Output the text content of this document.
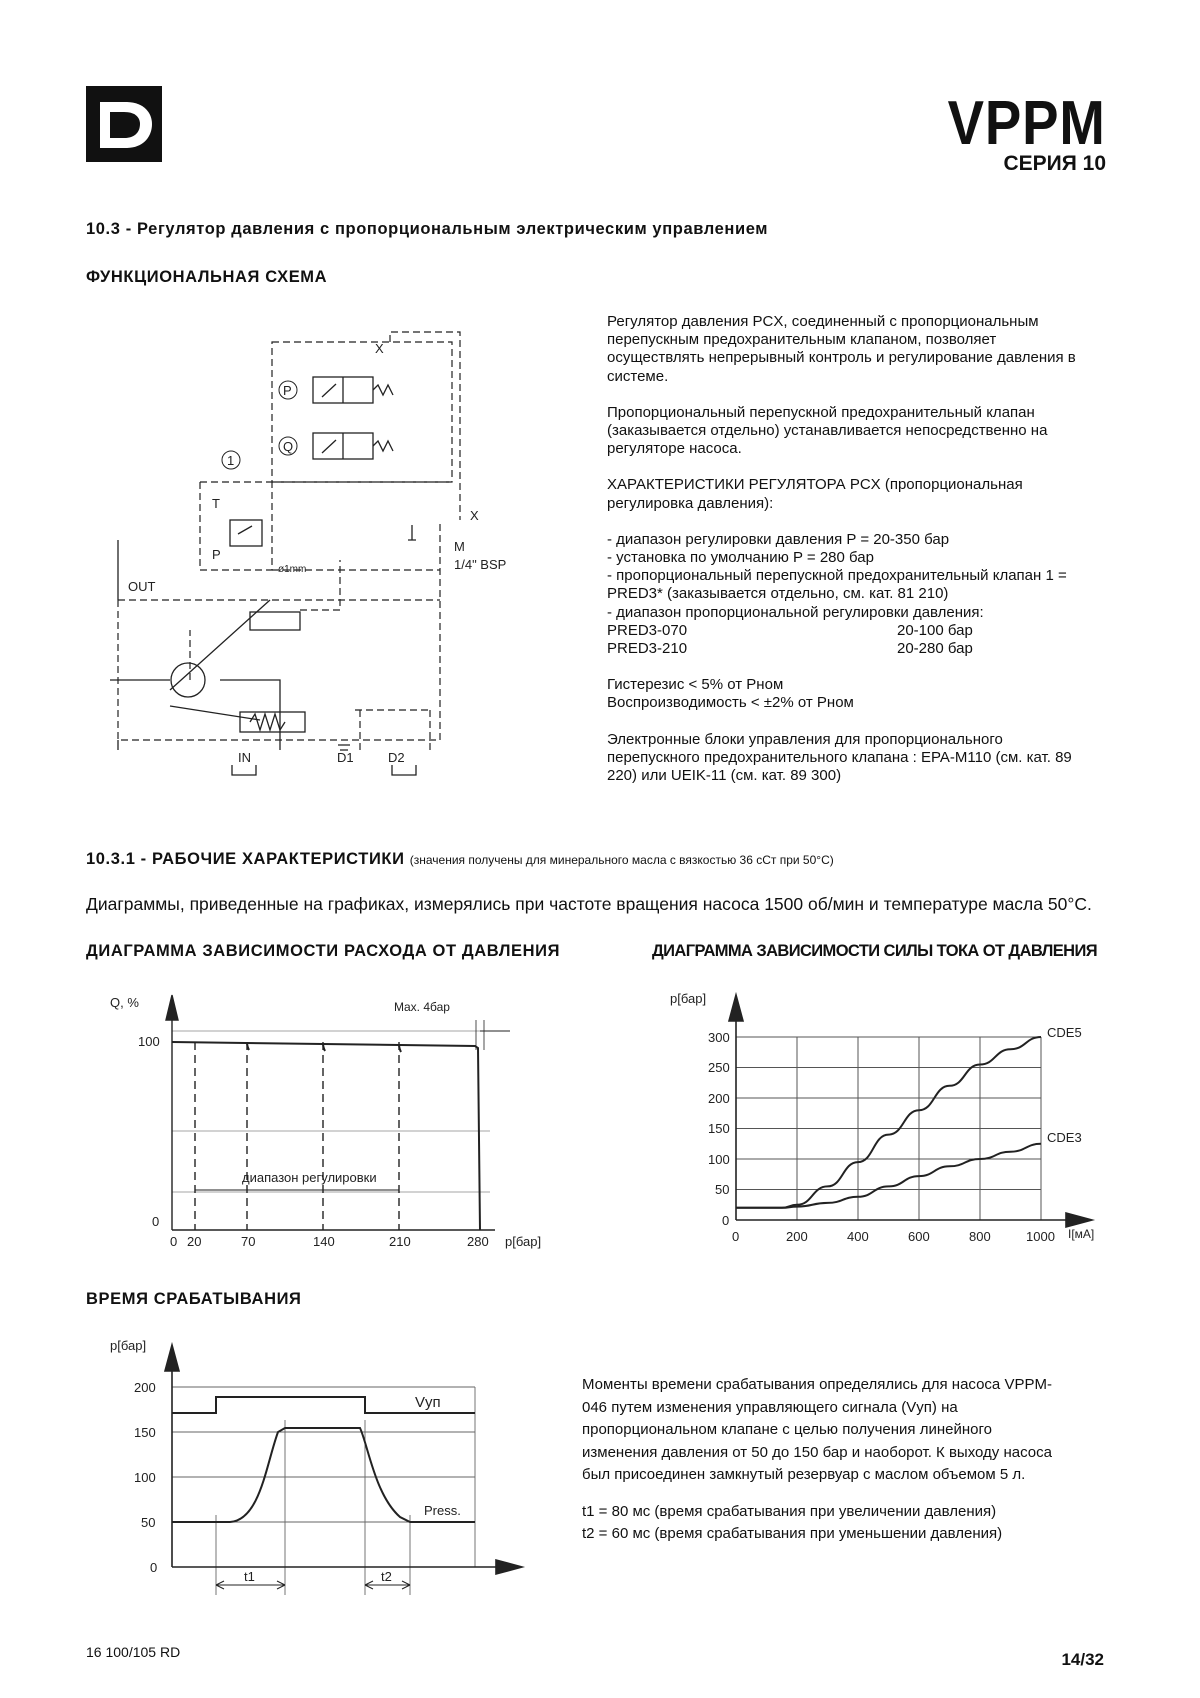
VPPM
СЕРИЯ 10
10.3 - Регулятор давления с пропорциональным электрическим управлением
ФУНКЦИОНАЛЬНАЯ СХЕМА
P
Q
1
X
T
P
X
ø1mm
M
1/4" BSP
OUT
IN	D1	D2

Регулятор давления PCX, соединенный с пропорциональным перепускным предохранительным клапаном, позволяет осуществлять непрерывный контроль и регулирование давления в системе.

Пропорциональный перепускной предохранительный клапан (заказывается отдельно) устанавливается непосредственно на регуляторе насоса.

ХАРАКТЕРИСТИКИ РЕГУЛЯТОРА PCX (пропорциональная регулировка давления):

- диапазон регулировки давления P = 20-350 бар
- установка по умолчанию P = 280 бар
- пропорциональный перепускной предохранительный клапан 1 = PRED3* (заказывается отдельно, см. кат. 81 210)
- диапазон пропорциональной регулировки давления:
PRED3-070	20-100 бар
PRED3-210	20-280 бар

Гистерезис < 5% от Рном

Воспроизводимость < ±2% от Рном

Электронные блоки управления для пропорционального перепускного предохранительного клапана : EPA-M110 (см. кат. 89 220) или UEIK-11 (см. кат. 89 300)

10.3.1 - РАБОЧИЕ ХАРАКТЕРИСТИКИ (значения получены для минерального масла с вязкостью 36 cСт при 50°C)
Диаграммы, приведенные на графиках, измерялись при частоте вращения насоса 1500 об/мин и температуре масла 50°C.
ДИАГРАММА ЗАВИСИМОСТИ РАСХОДА ОТ ДАВЛЕНИЯ	ДИАГРАММА ЗАВИСИМОСТИ СИЛЫ ТОКА ОТ ДАВЛЕНИЯ
Q, %
100
0
0 20	70	140	210	280 p[бар]
Max. 4бар
диапазон регулировки
p[бар]
300
250
200
150
100
50
0
0	200	400	600	800	1000 I[мА]
CDE5
CDE3
ВРЕМЯ СРАБАТЫВАНИЯ
p[бар]
200
150
100
50
0
Vуп
Press.
t1	t2

Моменты времени срабатывания определялись для насоса VPPM-046 путем изменения управляющего сигнала (Vуп) на пропорциональном клапане с целью получения линейного изменения давления от 50 до 150 бар и наоборот. К выходу насоса был присоединен замкнутый резервуар с маслом объемом 5 л.

t1 = 80 мс (время срабатывания при увеличении давления)
t2 = 60 мс (время срабатывания при уменьшении давления)
16 100/105 RD	14/32
